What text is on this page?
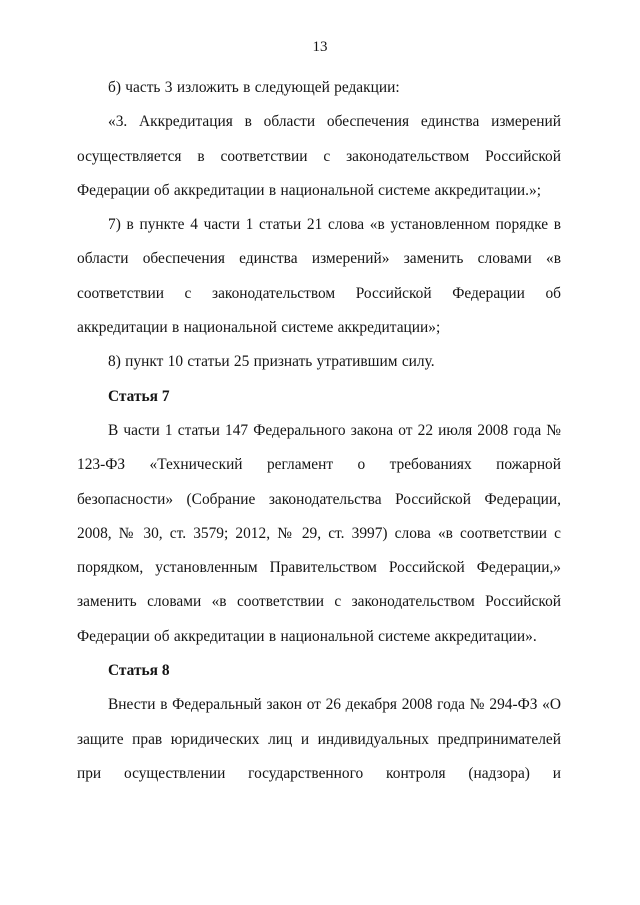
13

б) часть 3 изложить в следующей редакции:

«3. Аккредитация в области обеспечения единства измерений осуществляется в соответствии с законодательством Российской Федерации об аккредитации в национальной системе аккредитации.»;

7) в пункте 4 части 1 статьи 21 слова «в установленном порядке в области обеспечения единства измерений» заменить словами «в соответствии с законодательством Российской Федерации об аккредитации в национальной системе аккредитации»;

8) пункт 10 статьи 25 признать утратившим силу.

Статья 7

В части 1 статьи 147 Федерального закона от 22 июля 2008 года № 123-ФЗ «Технический регламент о требованиях пожарной безопасности» (Собрание законодательства Российской Федерации, 2008, № 30, ст. 3579; 2012, № 29, ст. 3997) слова «в соответствии с порядком, установленным Правительством Российской Федерации,» заменить словами «в соответствии с законодательством Российской Федерации об аккредитации в национальной системе аккредитации».

Статья 8

Внести в Федеральный закон от 26 декабря 2008 года № 294-ФЗ «О защите прав юридических лиц и индивидуальных предпринимателей при осуществлении государственного контроля (надзора) и
